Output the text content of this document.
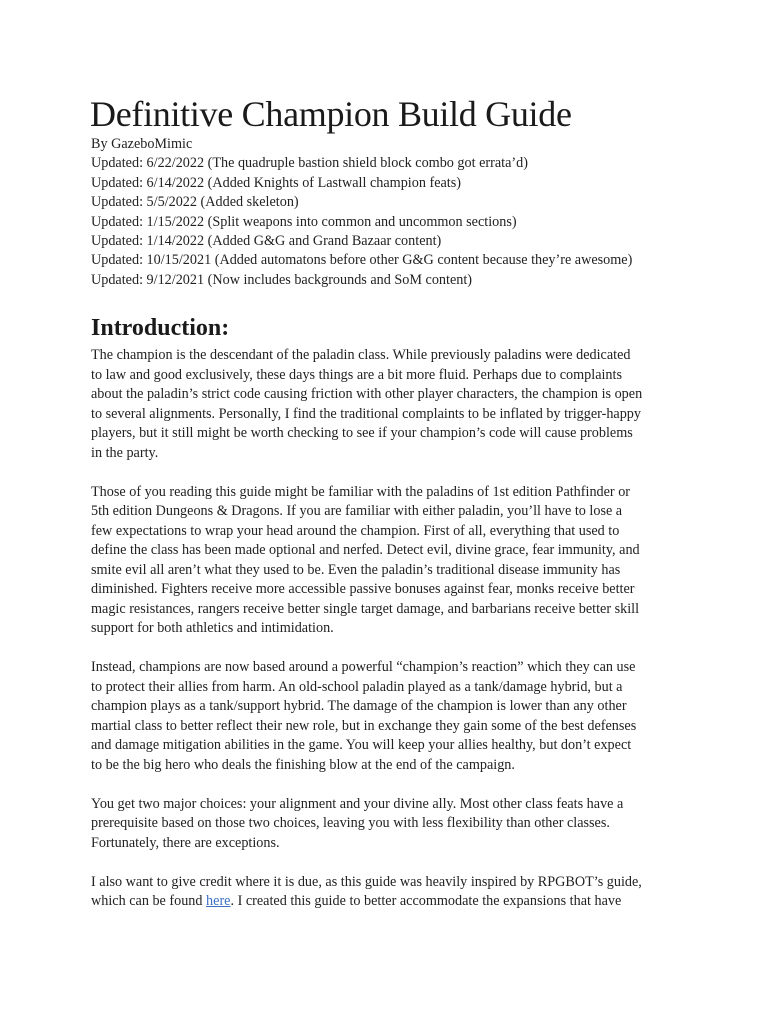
Definitive Champion Build Guide

By GazeboMimic

Updated: 6/22/2022 (The quadruple bastion shield block combo got errata’d)

Updated: 6/14/2022 (Added Knights of Lastwall champion feats)

Updated: 5/5/2022 (Added skeleton)

Updated: 1/15/2022 (Split weapons into common and uncommon sections)

Updated: 1/14/2022 (Added G&G and Grand Bazaar content)

Updated: 10/15/2021 (Added automatons before other G&G content because they’re awesome)

Updated: 9/12/2021 (Now includes backgrounds and SoM content)

Introduction:
The champion is the descendant of the paladin class. While previously paladins were dedicated
to law and good exclusively, these days things are a bit more fluid. Perhaps due to complaints
about the paladin’s strict code causing friction with other player characters, the champion is open
to several alignments. Personally, I find the traditional complaints to be inflated by trigger-happy
players, but it still might be worth checking to see if your champion’s code will cause problems
in the party.
Those of you reading this guide might be familiar with the paladins of 1st edition Pathfinder or
5th edition Dungeons & Dragons. If you are familiar with either paladin, you’ll have to lose a
few expectations to wrap your head around the champion. First of all, everything that used to
define the class has been made optional and nerfed. Detect evil, divine grace, fear immunity, and
smite evil all aren’t what they used to be. Even the paladin’s traditional disease immunity has
diminished. Fighters receive more accessible passive bonuses against fear, monks receive better
magic resistances, rangers receive better single target damage, and barbarians receive better skill
support for both athletics and intimidation.
Instead, champions are now based around a powerful “champion’s reaction” which they can use
to protect their allies from harm. An old-school paladin played as a tank/damage hybrid, but a
champion plays as a tank/support hybrid. The damage of the champion is lower than any other
martial class to better reflect their new role, but in exchange they gain some of the best defenses
and damage mitigation abilities in the game. You will keep your allies healthy, but don’t expect
to be the big hero who deals the finishing blow at the end of the campaign.
You get two major choices: your alignment and your divine ally. Most other class feats have a
prerequisite based on those two choices, leaving you with less flexibility than other classes.
Fortunately, there are exceptions.
I also want to give credit where it is due, as this guide was heavily inspired by RPGBOT’s guide,
which can be found here. I created this guide to better accommodate the expansions that have
